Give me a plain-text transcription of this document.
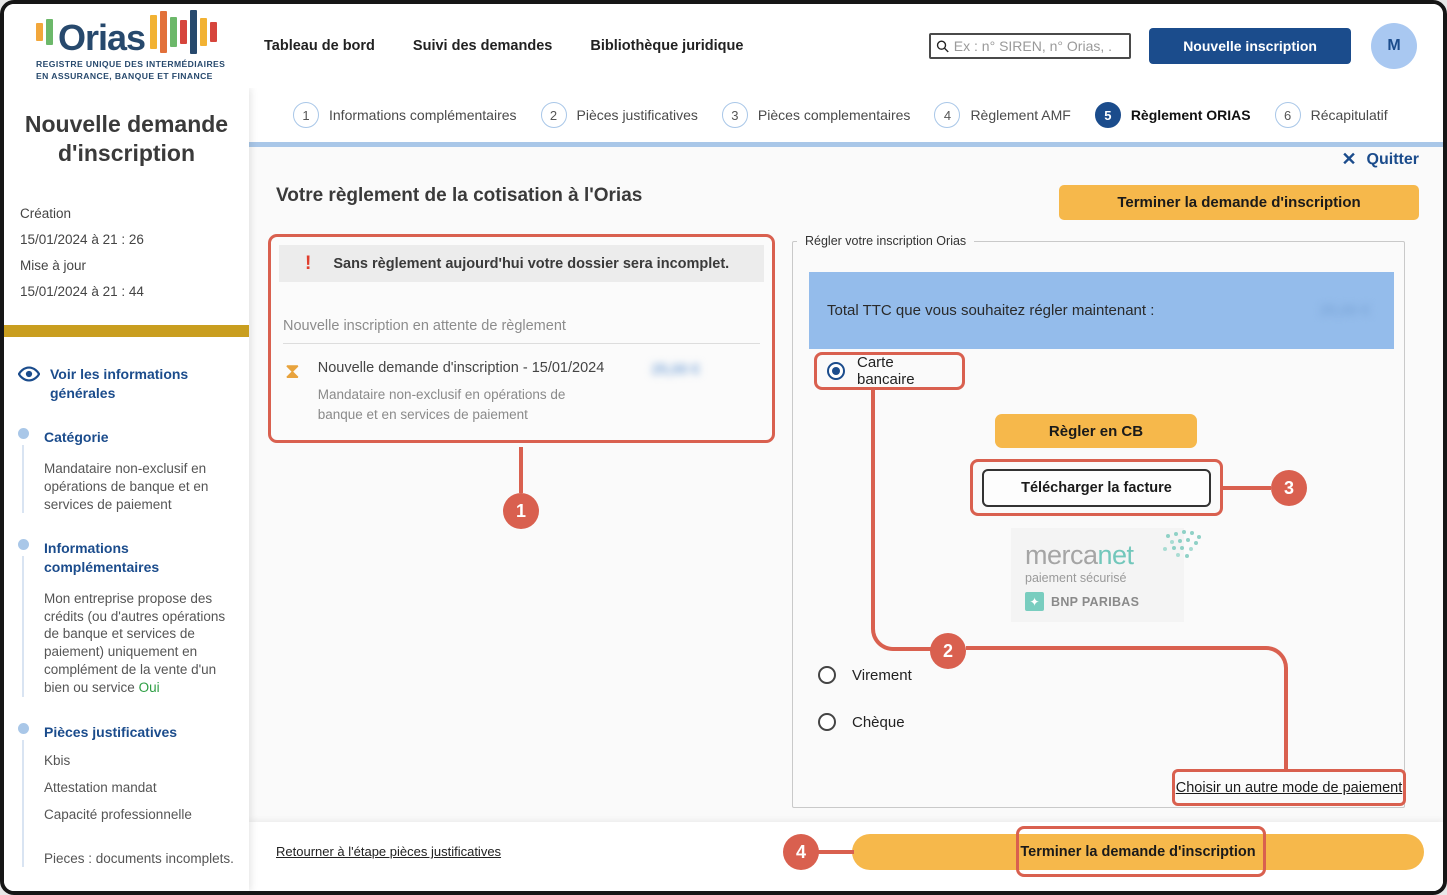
Orias
REGISTRE UNIQUE DES INTERMÉDIAIRES
EN ASSURANCE, BANQUE ET FINANCE
Tableau de bord	Suivi des demandes	Bibliothèque juridique
Ex : n° SIREN, n° Orias, .	Nouvelle inscription	M
Nouvelle demande d'inscription
Création
15/01/2024 à 21 : 26
Mise à jour
15/01/2024 à 21 : 44
Voir les informations générales
Catégorie
Mandataire non-exclusif en opérations de banque et en services de paiement
Informations complémentaires
Mon entreprise propose des crédits (ou d'autres opérations de banque et services de paiement) uniquement en complément de la vente d'un bien ou service Oui
Pièces justificatives
Kbis
Attestation mandat
Capacité professionnelle
Pieces : documents incomplets.
1	Informations complémentaires	2	Pièces justificatives	3	Pièces complementaires	4	Règlement AMF	5	Règlement ORIAS	6	Récapitulatif
✕ Quitter
Votre règlement de la cotisation à l'Orias	Terminer la demande d'inscription
! Sans règlement aujourd'hui votre dossier sera incomplet.
Nouvelle inscription en attente de règlement
⧗ Nouvelle demande d'inscription - 15/01/2024
Mandataire non-exclusif en opérations de banque et en services de paiement
25,00 €
Régler votre inscription Orias
Total TTC que vous souhaitez régler maintenant :	25,00 €
Carte bancaire
Règler en CB
Télécharger la facture
mercanet
paiement sécurisé
✦ BNP PARIBAS
Virement
Chèque
Choisir un autre mode de paiement
1
2
3
Retourner à l'étape pièces justificatives	Terminer la demande d'inscription
4
